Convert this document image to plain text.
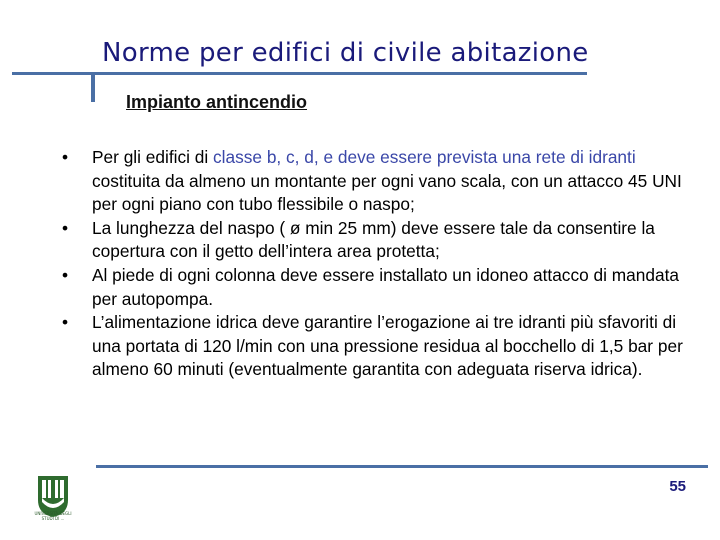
Norme per edifici di civile abitazione
Impianto antincendio
•	Per gli edifici di classe b, c, d, e deve essere prevista una rete di idranti costituita da almeno un montante per ogni vano scala, con un attacco 45 UNI per ogni piano con tubo flessibile o naspo;
•	La lunghezza del naspo ( ø min 25 mm) deve essere tale da consentire la copertura con il getto dell’intera area protetta;
•	Al piede di ogni colonna deve essere installato un idoneo attacco di mandata per autopompa.
•	L’alimentazione idrica deve garantire l’erogazione ai tre idranti più sfavoriti di una portata di 120 l/min con una pressione residua al bocchello di 1,5 bar per almeno 60 minuti (eventualmente garantita con adeguata riserva idrica).
55
UNIVERSITÀ DEGLI STUDI DI ...
